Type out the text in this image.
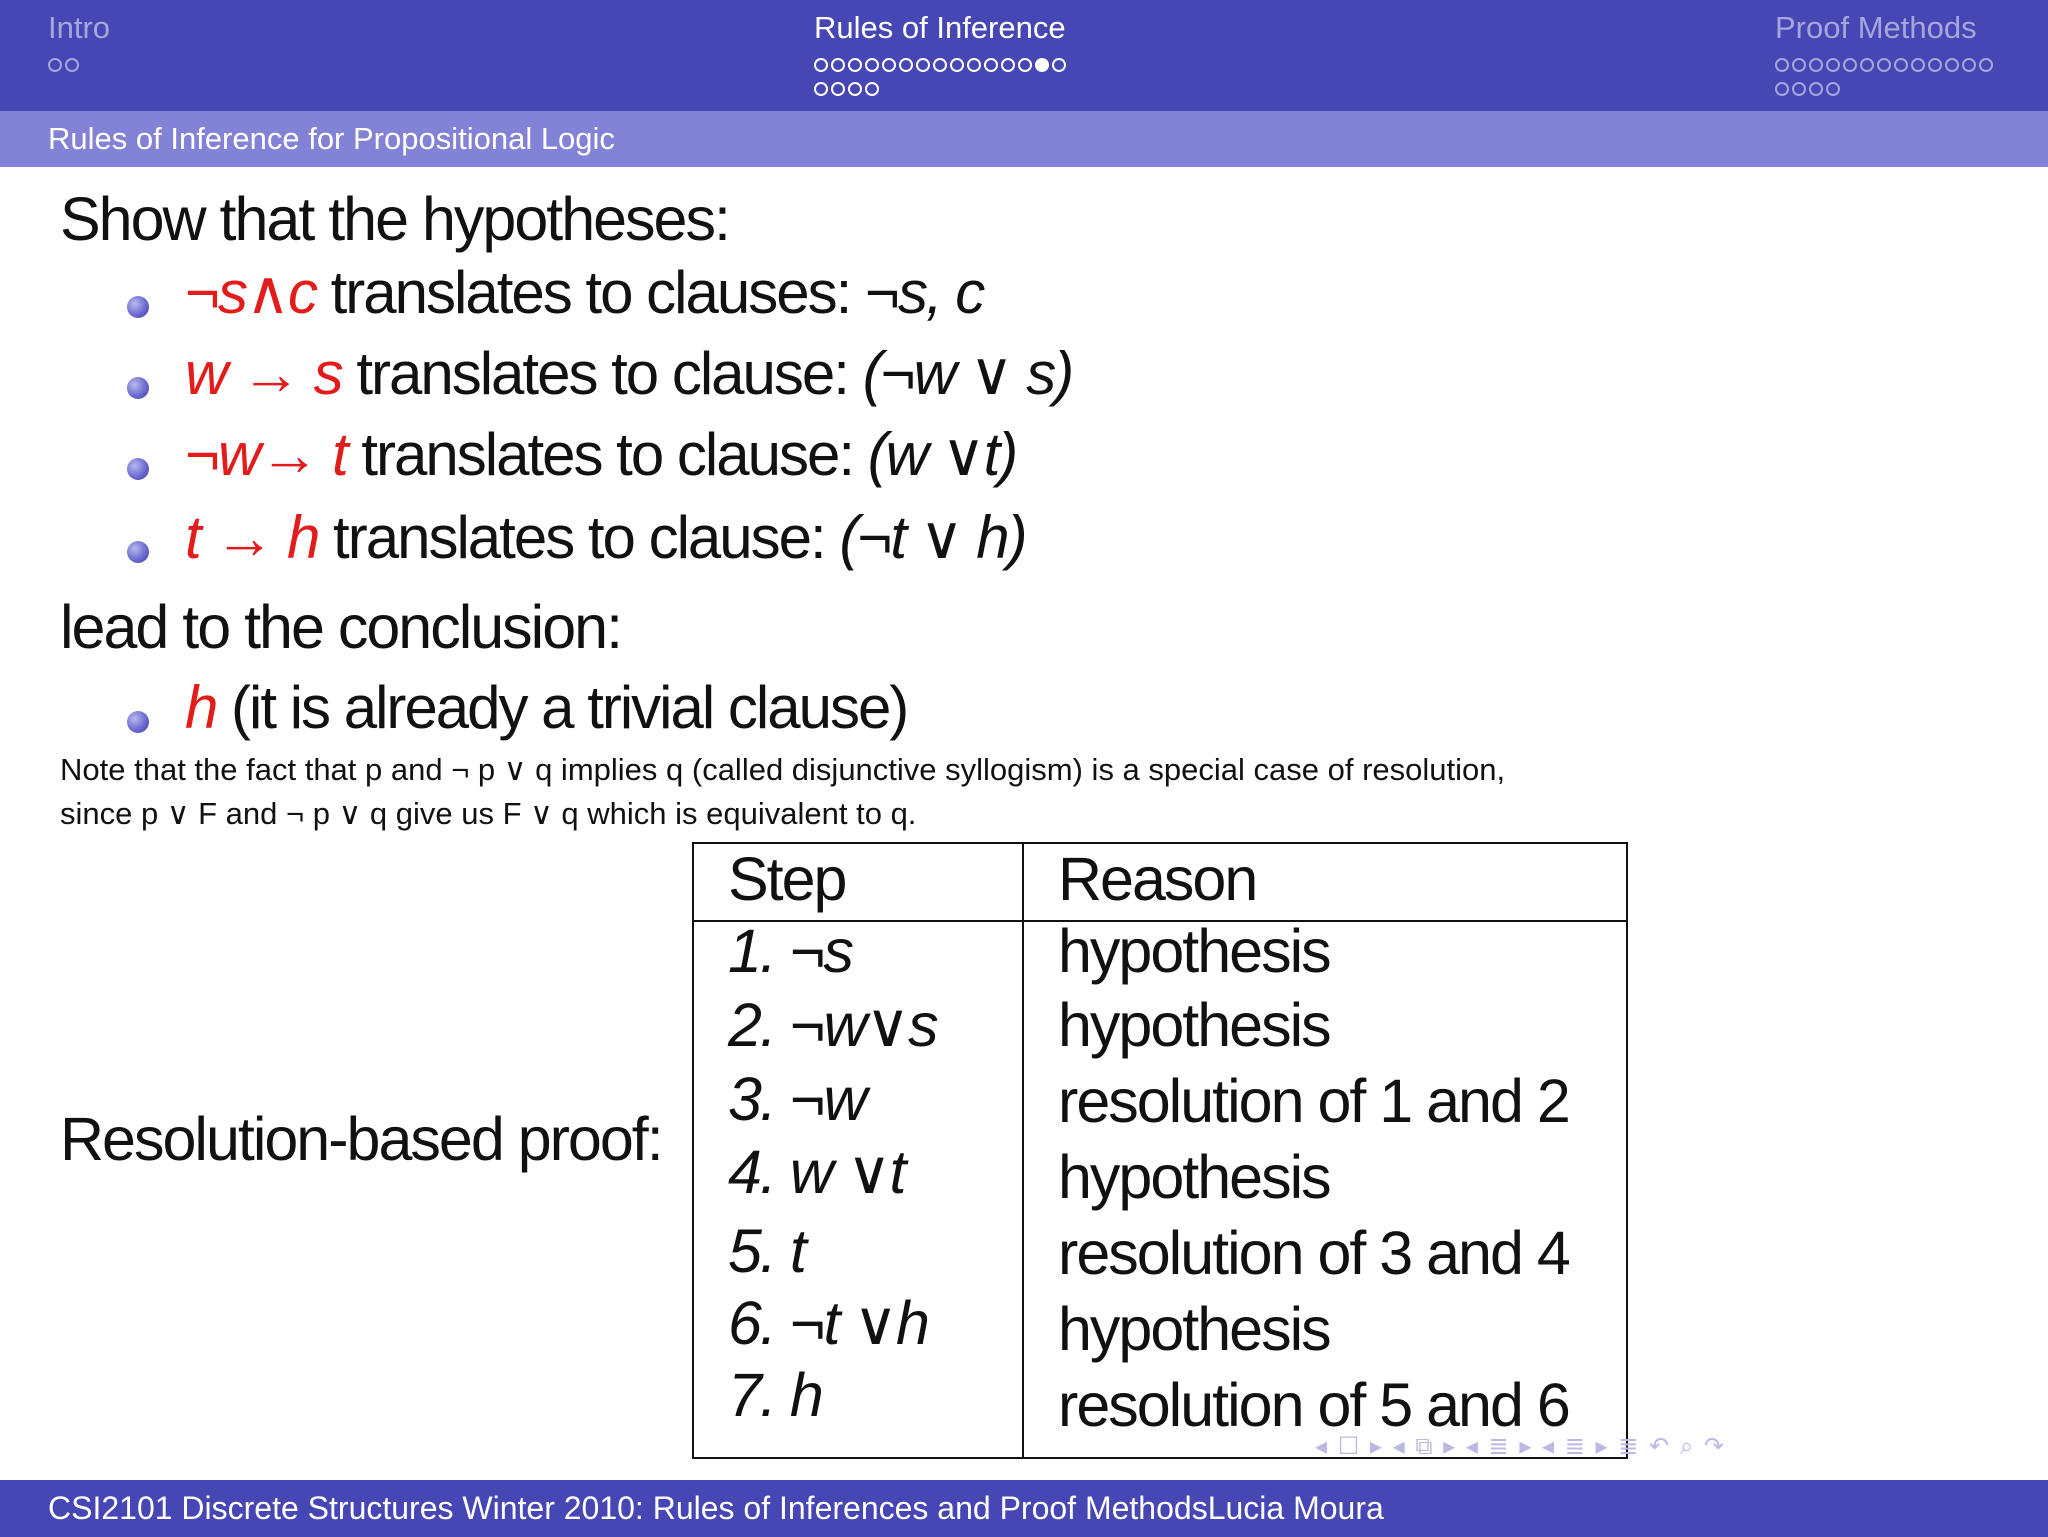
Intro	Rules of Inference	Proof Methods
Rules of Inference for Propositional Logic
Show that the hypotheses:
¬s∧c translates to clauses: ¬s, c
w → s translates to clause: (¬w ∨ s)
¬w→ t translates to clause: (w ∨t)
t → h translates to clause: (¬t ∨ h)
lead to the conclusion:
h (it is already a trivial clause)
Note that the fact that p and ¬ p ∨ q implies q (called disjunctive syllogism) is a special case of resolution,
since p ∨ F and ¬ p ∨ q give us F ∨ q which is equivalent to q.
Resolution-based proof:
Step	Reason
1. ¬s	hypothesis
2. ¬w∨s hypothesis
3. ¬w	resolution of 1 and 2
4. w ∨t	hypothesis
5. t	resolution of 3 and 4
6. ¬t ∨h hypothesis
7. h	resolution of 5 and 6
◂ ☐ ▸ ◂ ⧉ ▸ ◂ ≣ ▸ ◂ ≣ ▸ ≣ ↶ ⌕ ↷
CSI2101 Discrete Structures Winter 2010: Rules of Inferences and Proof MethodsLucia Moura
